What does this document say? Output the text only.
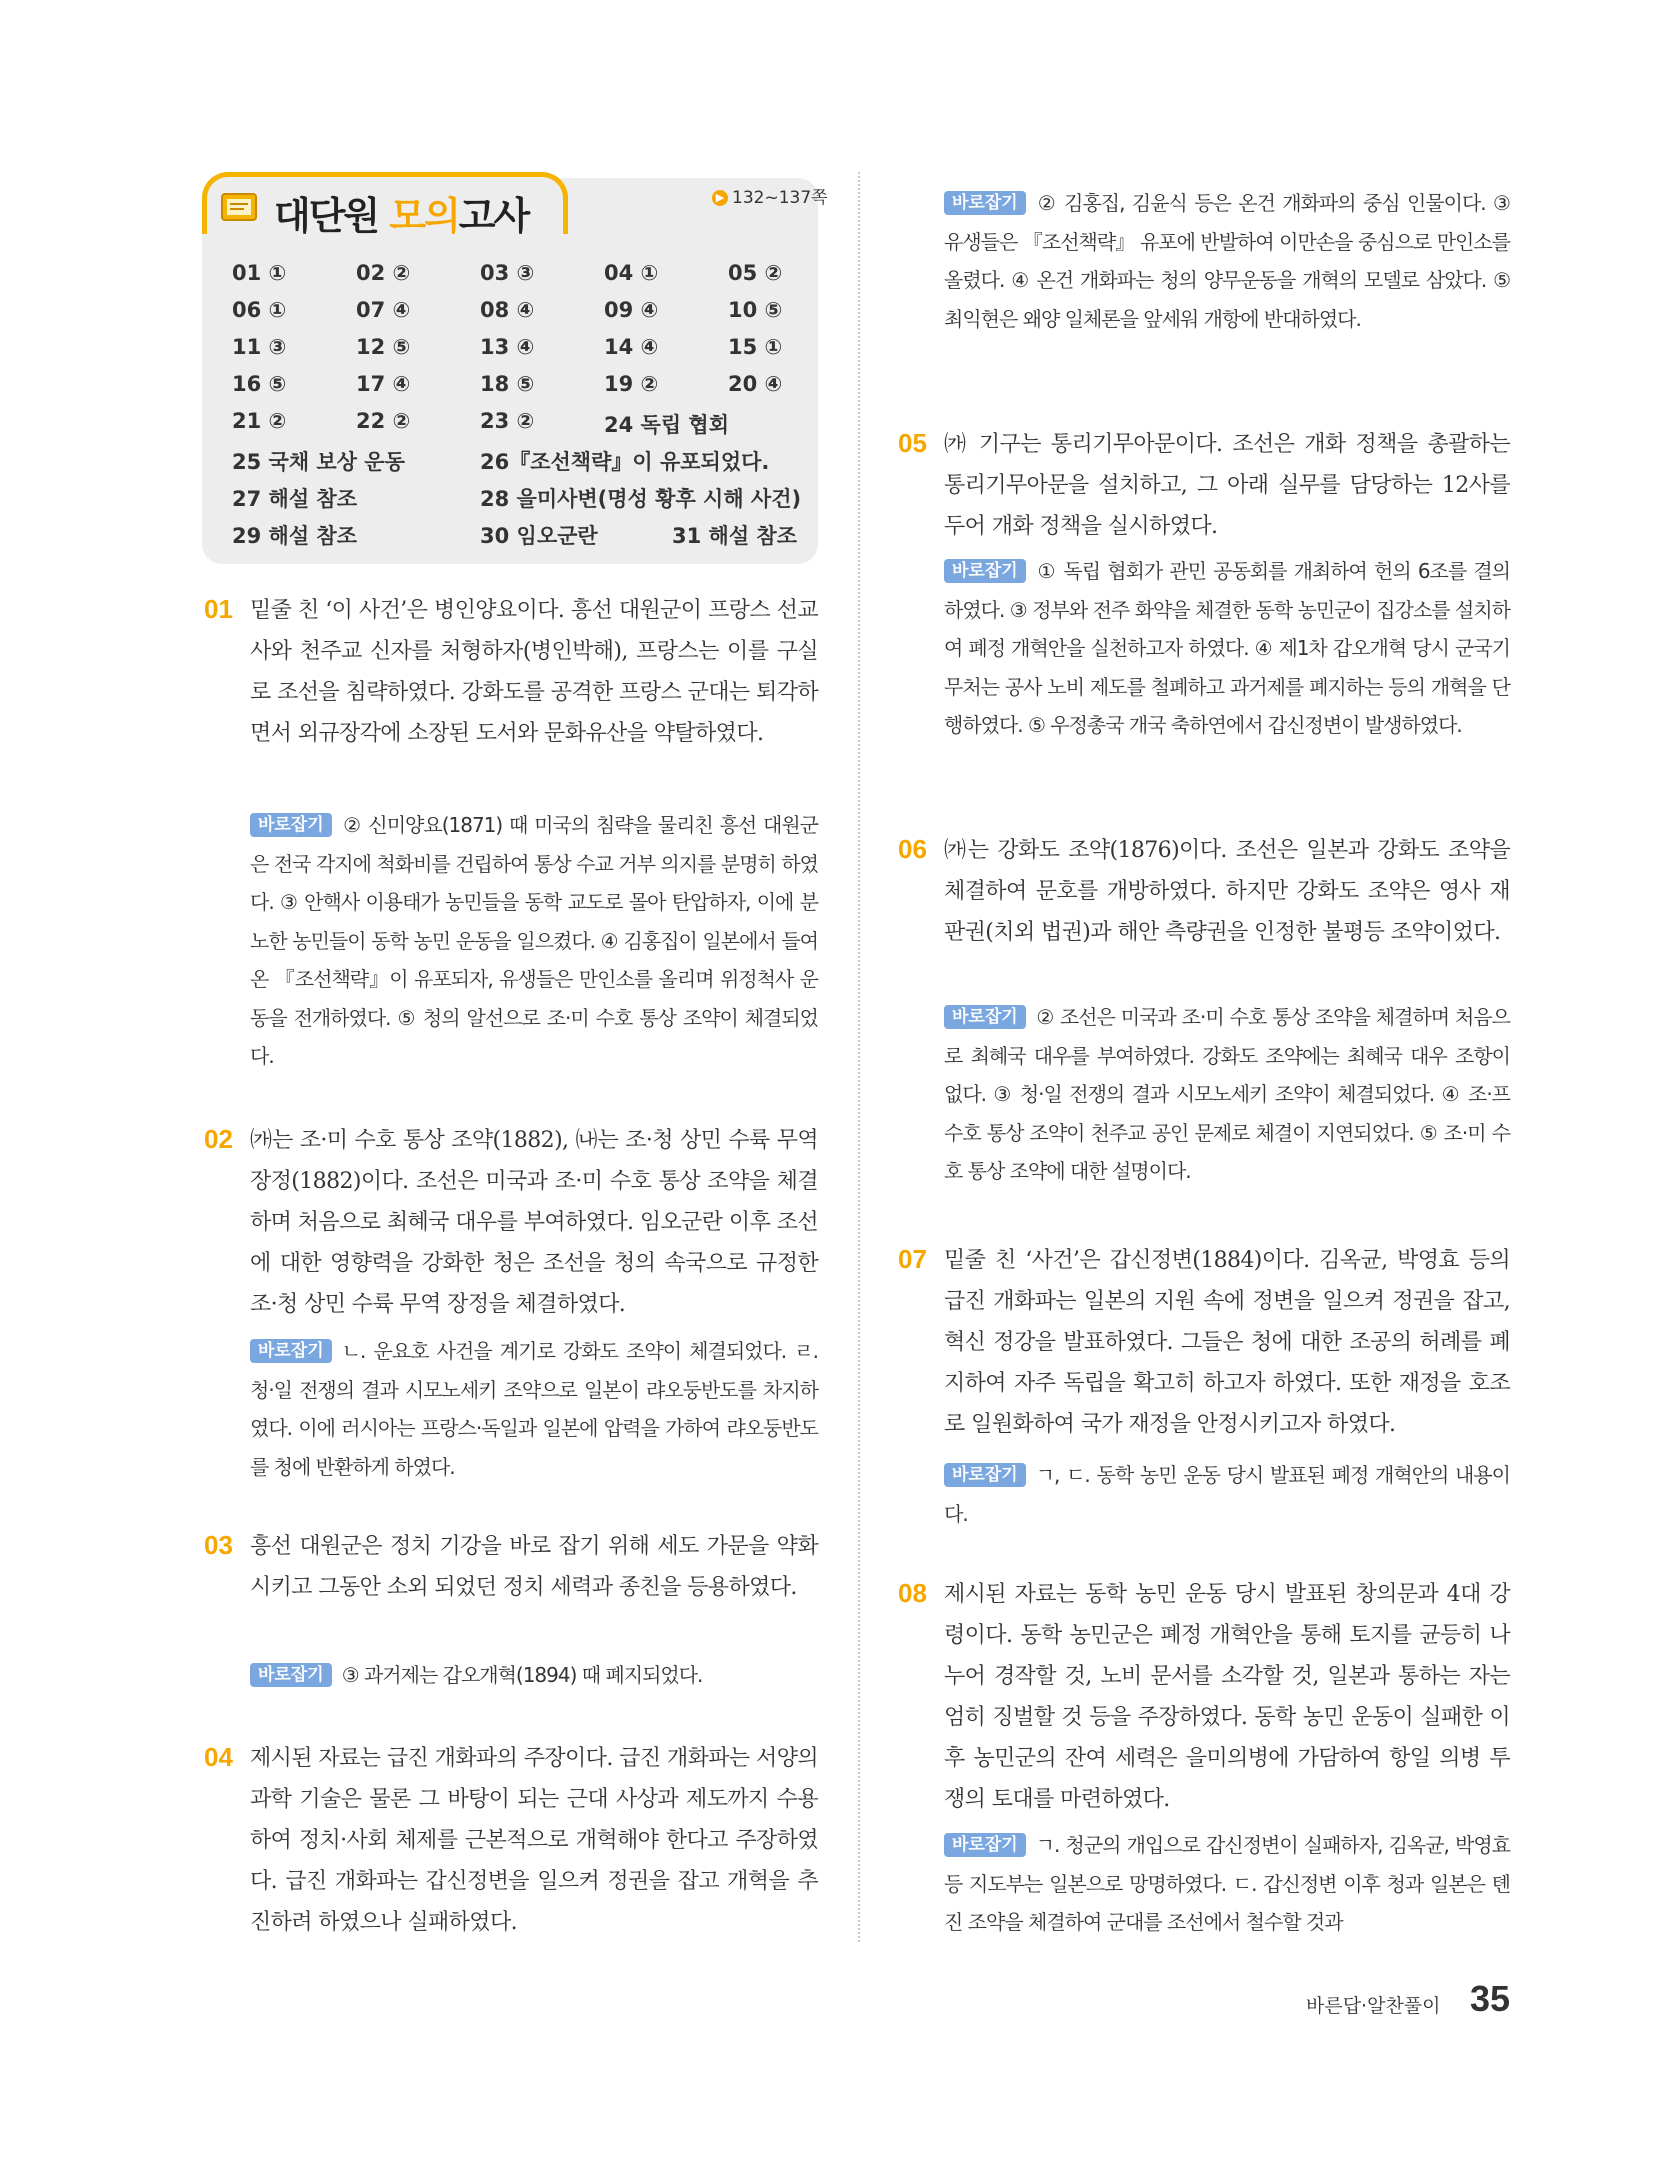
대단원 모의고사	▶ 132~137쪽
01 ①	02 ②	03 ③	04 ①	05 ②
06 ①	07 ④	08 ④	09 ④	10 ⑤
11 ③	12 ⑤	13 ④	14 ④	15 ①
16 ⑤	17 ④	18 ⑤	19 ②	20 ④
21 ②	22 ②	23 ②	24 독립 협회
25 국채 보상 운동	26『조선책략』이 유포되었다.
27 해설 참조	28 을미사변(명성 황후 시해 사건)
29 해설 참조	30 임오군란	31 해설 참조
01 밑줄 친 ‘이 사건’은 병인양요이다. 흥선 대원군이 프랑스 선교사와 천주교 신자를 처형하자(병인박해), 프랑스는 이를 구실로 조선을 침략하였다. 강화도를 공격한 프랑스 군대는 퇴각하면서 외규장각에 소장된 도서와 문화유산을 약탈하였다.
바로잡기 ② 신미양요(1871) 때 미국의 침략을 물리친 흥선 대원군은 전국 각지에 척화비를 건립하여 통상 수교 거부 의지를 분명히 하였다. ③ 안핵사 이용태가 농민들을 동학 교도로 몰아 탄압하자, 이에 분노한 농민들이 동학 농민 운동을 일으켰다. ④ 김홍집이 일본에서 들여온 『조선책략』이 유포되자, 유생들은 만인소를 올리며 위정척사 운동을 전개하였다. ⑤ 청의 알선으로 조·미 수호 통상 조약이 체결되었다.
02 ㈎는 조·미 수호 통상 조약(1882), ㈏는 조·청 상민 수륙 무역 장정(1882)이다. 조선은 미국과 조·미 수호 통상 조약을 체결하며 처음으로 최혜국 대우를 부여하였다. 임오군란 이후 조선에 대한 영향력을 강화한 청은 조선을 청의 속국으로 규정한 조·청 상민 수륙 무역 장정을 체결하였다.
바로잡기 ㄴ. 운요호 사건을 계기로 강화도 조약이 체결되었다. ㄹ. 청·일 전쟁의 결과 시모노세키 조약으로 일본이 랴오둥반도를 차지하였다. 이에 러시아는 프랑스·독일과 일본에 압력을 가하여 랴오둥반도를 청에 반환하게 하였다.
03 흥선 대원군은 정치 기강을 바로 잡기 위해 세도 가문을 약화시키고 그동안 소외 되었던 정치 세력과 종친을 등용하였다.
바로잡기 ③ 과거제는 갑오개혁(1894) 때 폐지되었다.
04 제시된 자료는 급진 개화파의 주장이다. 급진 개화파는 서양의 과학 기술은 물론 그 바탕이 되는 근대 사상과 제도까지 수용하여 정치·사회 체제를 근본적으로 개혁해야 한다고 주장하였다. 급진 개화파는 갑신정변을 일으켜 정권을 잡고 개혁을 추진하려 하였으나 실패하였다.
바로잡기 ② 김홍집, 김윤식 등은 온건 개화파의 중심 인물이다. ③ 유생들은 『조선책략』 유포에 반발하여 이만손을 중심으로 만인소를 올렸다. ④ 온건 개화파는 청의 양무운동을 개혁의 모델로 삼았다. ⑤ 최익현은 왜양 일체론을 앞세워 개항에 반대하였다.
05 ㈎ 기구는 통리기무아문이다. 조선은 개화 정책을 총괄하는 통리기무아문을 설치하고, 그 아래 실무를 담당하는 12사를 두어 개화 정책을 실시하였다.
바로잡기 ① 독립 협회가 관민 공동회를 개최하여 헌의 6조를 결의하였다. ③ 정부와 전주 화약을 체결한 동학 농민군이 집강소를 설치하여 폐정 개혁안을 실천하고자 하였다. ④ 제1차 갑오개혁 당시 군국기무처는 공사 노비 제도를 철폐하고 과거제를 폐지하는 등의 개혁을 단행하였다. ⑤ 우정총국 개국 축하연에서 갑신정변이 발생하였다.
06 ㈎는 강화도 조약(1876)이다. 조선은 일본과 강화도 조약을 체결하여 문호를 개방하였다. 하지만 강화도 조약은 영사 재판권(치외 법권)과 해안 측량권을 인정한 불평등 조약이었다.
바로잡기 ② 조선은 미국과 조·미 수호 통상 조약을 체결하며 처음으로 최혜국 대우를 부여하였다. 강화도 조약에는 최혜국 대우 조항이 없다. ③ 청·일 전쟁의 결과 시모노세키 조약이 체결되었다. ④ 조·프 수호 통상 조약이 천주교 공인 문제로 체결이 지연되었다. ⑤ 조·미 수호 통상 조약에 대한 설명이다.
07 밑줄 친 ‘사건’은 갑신정변(1884)이다. 김옥균, 박영효 등의 급진 개화파는 일본의 지원 속에 정변을 일으켜 정권을 잡고, 혁신 정강을 발표하였다. 그들은 청에 대한 조공의 허례를 폐지하여 자주 독립을 확고히 하고자 하였다. 또한 재정을 호조로 일원화하여 국가 재정을 안정시키고자 하였다.
바로잡기 ㄱ, ㄷ. 동학 농민 운동 당시 발표된 폐정 개혁안의 내용이다.
08 제시된 자료는 동학 농민 운동 당시 발표된 창의문과 4대 강령이다. 동학 농민군은 폐정 개혁안을 통해 토지를 균등히 나누어 경작할 것, 노비 문서를 소각할 것, 일본과 통하는 자는 엄히 징벌할 것 등을 주장하였다. 동학 농민 운동이 실패한 이후 농민군의 잔여 세력은 을미의병에 가담하여 항일 의병 투쟁의 토대를 마련하였다.
바로잡기 ㄱ. 청군의 개입으로 갑신정변이 실패하자, 김옥균, 박영효 등 지도부는 일본으로 망명하였다. ㄷ. 갑신정변 이후 청과 일본은 톈진 조약을 체결하여 군대를 조선에서 철수할 것과
바른답·알찬풀이 35
